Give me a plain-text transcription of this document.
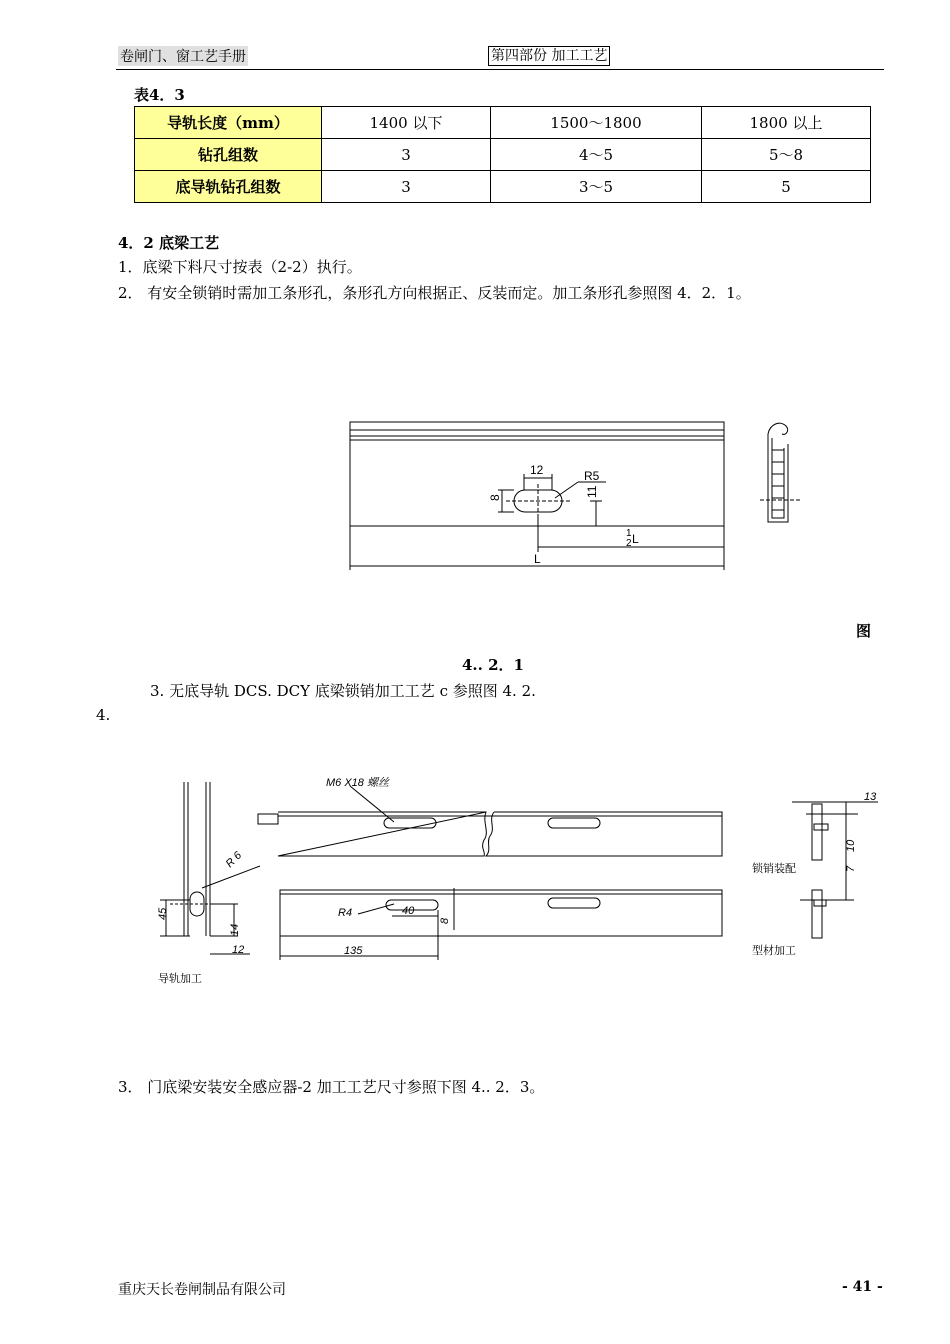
卷闸门、窗工艺手册	第四部份 加工工艺
表4．3
导轨长度（mm）	1400 以下	1500～1800	1800 以上
钻孔组数	3	4～5	5～8
底导轨钻孔组数	3	3～5	5
4．2 底梁工艺
1．底梁下料尺寸按表（2-2）执行。
2． 有安全锁销时需加工条形孔，条形孔方向根据正、反装而定。加工条形孔参照图 4．2．1。
12	R5
8	11
1
2 L
L
图
4.. 2．1
3. 无底导轨 DCS. DCY 底梁锁销加工工艺 c 参照图 4. 2.
4.
M6 X18 螺丝
R 6
45
14
12
导轨加工
R4	40
8
135
13
10
7
锁销装配
型材加工
3． 门底梁安装安全感应器-2 加工工艺尺寸参照下图 4.. 2．3。
重庆天长卷闸制品有限公司	- 41 -
